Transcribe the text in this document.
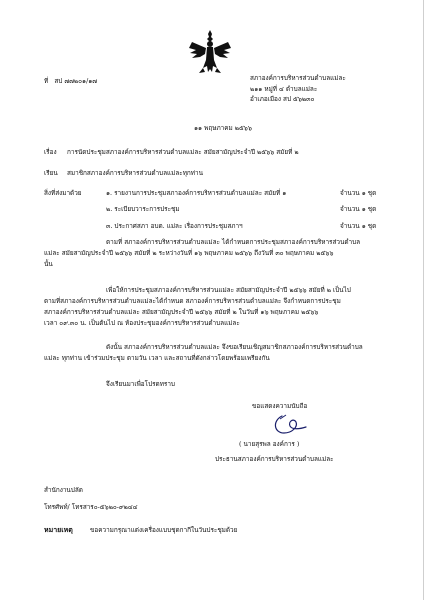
ที่ สป ๗๗๒๐๑/๑๗	สภาองค์การบริหารส่วนตำบลแม่ละ
๒๑๑ หมู่ที่ ๔ ตำบลแม่ละ
อำเภอเมือง สป ๕๖๒๓๐
๑๑ พฤษภาคม ๒๕๖๖
เรื่อง การนัดประชุมสภาองค์การบริหารส่วนตำบลแม่ละ สมัยสามัญประจำปี ๒๕๖๖ สมัยที่ ๒
เรียน สมาชิกสภาองค์การบริหารส่วนตำบลแม่ละทุกท่าน
สิ่งที่ส่งมาด้วย	๑. รายงานการประชุมสภาองค์การบริหารส่วนตำบลแม่ละ สมัยที่ ๑	จำนวน ๑ ชุด
๒. ระเบียบวาระการประชุม	จำนวน ๑ ชุด
๓. ประกาศสภา อบต. แม่ละ เรื่องการประชุมสภาฯ	จำนวน ๑ ชุด
ตามที่ สภาองค์การบริหารส่วนตำบลแม่ละ ได้กำหนดการประชุมสภาองค์การบริหารส่วนตำบล
แม่ละ สมัยสามัญประจำปี ๒๕๖๖ สมัยที่ ๒ ระหว่างวันที่ ๑๖ พฤษภาคม ๒๕๖๖ ถึงวันที่ ๓๐ พฤษภาคม ๒๕๖๖
นั้น
เพื่อให้การประชุมสภาองค์การบริหารส่วนแม่ละ สมัยสามัญประจำปี ๒๕๖๖ สมัยที่ ๒ เป็นไป
ตามที่สภาองค์การบริหารส่วนตำบลแม่ละได้กำหนด สภาองค์การบริหารส่วนตำบลแม่ละ จึงกำหนดการประชุม
สภาองค์การบริหารส่วนตำบลแม่ละ สมัยสามัญประจำปี ๒๕๖๖ สมัยที่ ๒ ในวันที่ ๑๖ พฤษภาคม ๒๕๖๖
เวลา ๐๙.๓๐ น. เป็นต้นไป ณ ห้องประชุมองค์การบริหารส่วนตำบลแม่ละ
ดังนั้น สภาองค์การบริหารส่วนตำบลแม่ละ จึงขอเรียนเชิญสมาชิกสภาองค์การบริหารส่วนตำบล
แม่ละ ทุกท่าน เข้าร่วมประชุม ตามวัน เวลา และสถานที่ดังกล่าวโดยพร้อมเพรียงกัน
จึงเรียนมาเพื่อโปรดทราบ
ขอแสดงความนับถือ
( นายสุรพล องค์การ )
ประธานสภาองค์การบริหารส่วนตำบลแม่ละ
สำนักงานปลัด
โทรศัพท์/ โทรสาร๐-๕๖๒๐-๙๒๔๔
หมายเหตุ	ขอความกรุณาแต่งเครื่องแบบชุดกากีในวันประชุมด้วย
